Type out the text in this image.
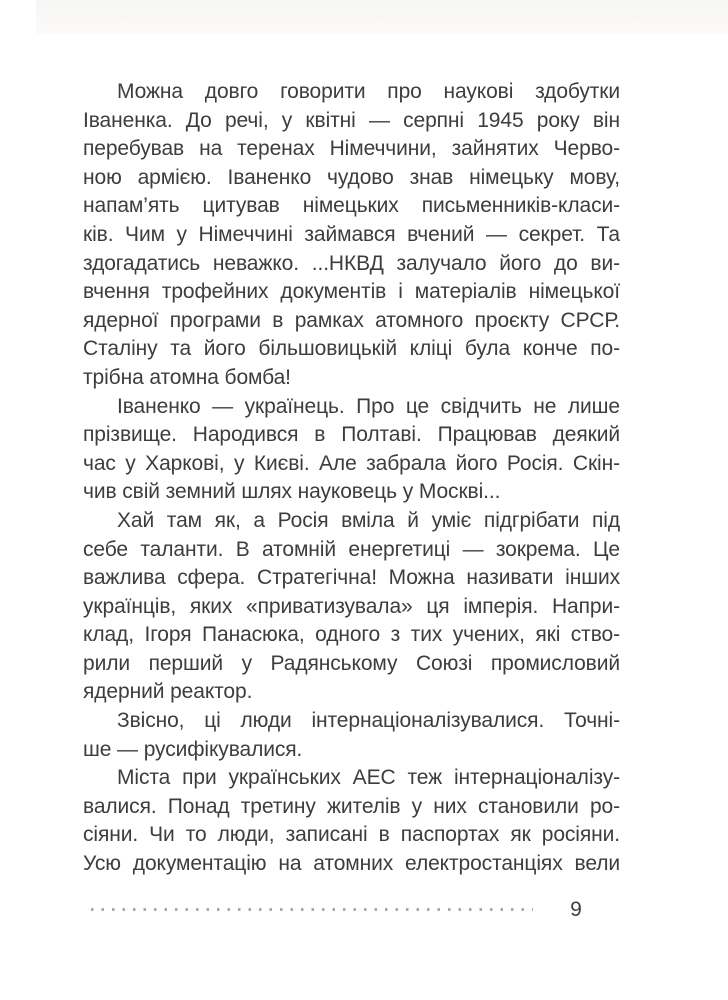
Можна довго говорити про наукові здобутки
Іваненка. До речі, у квітні — серпні 1945 року він
перебував на теренах Німеччини, зайнятих Черво-
ною армією. Іваненко чудово знав німецьку мову,
напам’ять цитував німецьких письменників-класи-
ків. Чим у Німеччині займався вчений — секрет. Та
здогадатись неважко. ...НКВД залучало його до ви-
вчення трофейних документів і матеріалів німецької
ядерної програми в рамках атомного проєкту СРСР.
Сталіну та його більшовицькій кліці була конче по-
трібна атомна бомба!
Іваненко — українець. Про це свідчить не лише
прізвище. Народився в Полтаві. Працював деякий
час у Харкові, у Києві. Але забрала його Росія. Скін-
чив свій земний шлях науковець у Москві...
Хай там як, а Росія вміла й уміє підгрібати під
себе таланти. В атомній енергетиці — зокрема. Це
важлива сфера. Стратегічна! Можна називати інших
українців, яких «приватизувала» ця імперія. Напри-
клад, Ігоря Панасюка, одного з тих учених, які ство-
рили перший у Радянському Союзі промисловий
ядерний реактор.
Звісно, ці люди інтернаціоналізувалися. Точні-
ше — русифікувалися.
Міста при українських АЕС теж інтернаціоналізу-
валися. Понад третину жителів у них становили ро-
сіяни. Чи то люди, записані в паспортах як росіяни.
Усю документацію на атомних електростанціях вели
9
